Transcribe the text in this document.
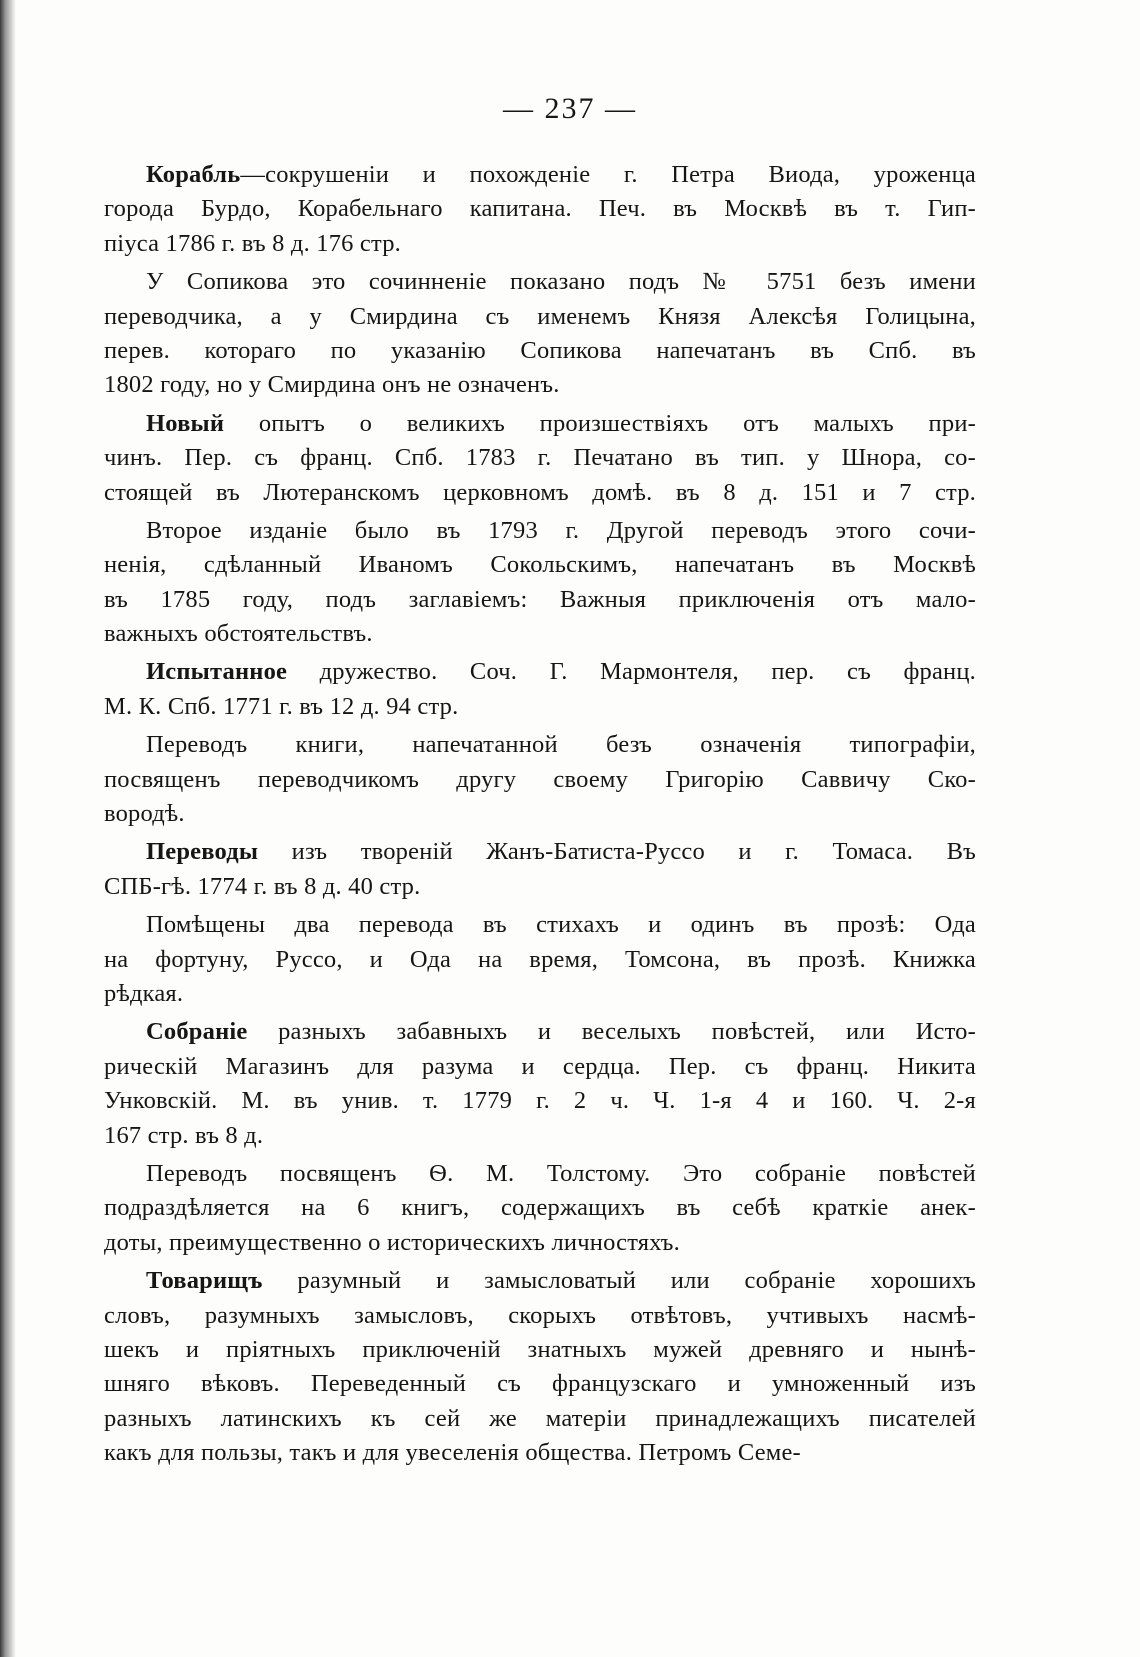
— 237 —
Корабль—сокрушеніи и похожденіе г. Петра Виода, уроженца
города Бурдо, Корабельнаго капитана. Печ. въ Москвѣ въ т. Гип-
піуса 1786 г. въ 8 д. 176 стр.
У Сопикова это сочинненіе показано подъ № 5751 безъ имени
переводчика, а у Смирдина съ именемъ Князя Алексѣя Голицына,
перев. котораго по указанію Сопикова напечатанъ въ Спб. въ
1802 году, но у Смирдина онъ не означенъ.
Новый опытъ о великихъ произшествіяхъ отъ малыхъ при-
чинъ. Пер. съ франц. Спб. 1783 г. Печатано въ тип. у Шнора, со-
стоящей въ Лютеранскомъ церковномъ домѣ. въ 8 д. 151 и 7 стр.
Второе изданіе было въ 1793 г. Другой переводъ этого сочи-
ненія, сдѣланный Иваномъ Сокольскимъ, напечатанъ въ Москвѣ
въ 1785 году, подъ заглавіемъ: Важныя приключенія отъ мало-
важныхъ обстоятельствъ.
Испытанное дружество. Соч. Г. Мармонтеля, пер. съ франц.
М. К. Спб. 1771 г. въ 12 д. 94 стр.
Переводъ книги, напечатанной безъ означенія типографіи,
посвященъ переводчикомъ другу своему Григорію Саввичу Ско-
вородѣ.
Переводы изъ твореній Жанъ-Батиста-Руссо и г. Томаса. Въ
СПБ-гѣ. 1774 г. въ 8 д. 40 стр.
Помѣщены два перевода въ стихахъ и одинъ въ прозѣ: Ода
на фортуну, Руссо, и Ода на время, Томсона, въ прозѣ. Книжка
рѣдкая.
Собраніе разныхъ забавныхъ и веселыхъ повѣстей, или Исто-
рическій Магазинъ для разума и сердца. Пер. съ франц. Никита
Унковскій. М. въ унив. т. 1779 г. 2 ч. Ч. 1-я 4 и 160. Ч. 2-я
167 стр. въ 8 д.
Переводъ посвященъ Ѳ. М. Толстому. Это собраніе повѣстей
подраздѣляется на 6 книгъ, содержащихъ въ себѣ краткіе анек-
доты, преимущественно о историческихъ личностяхъ.
Товарищъ разумный и замысловатый или собраніе хорошихъ
словъ, разумныхъ замысловъ, скорыхъ отвѣтовъ, учтивыхъ насмѣ-
шекъ и пріятныхъ приключеній знатныхъ мужей древняго и нынѣ-
шняго вѣковъ. Переведенный съ французскаго и умноженный изъ
разныхъ латинскихъ къ сей же матеріи принадлежащихъ писателей
какъ для пользы, такъ и для увеселенія общества. Петромъ Семе-
